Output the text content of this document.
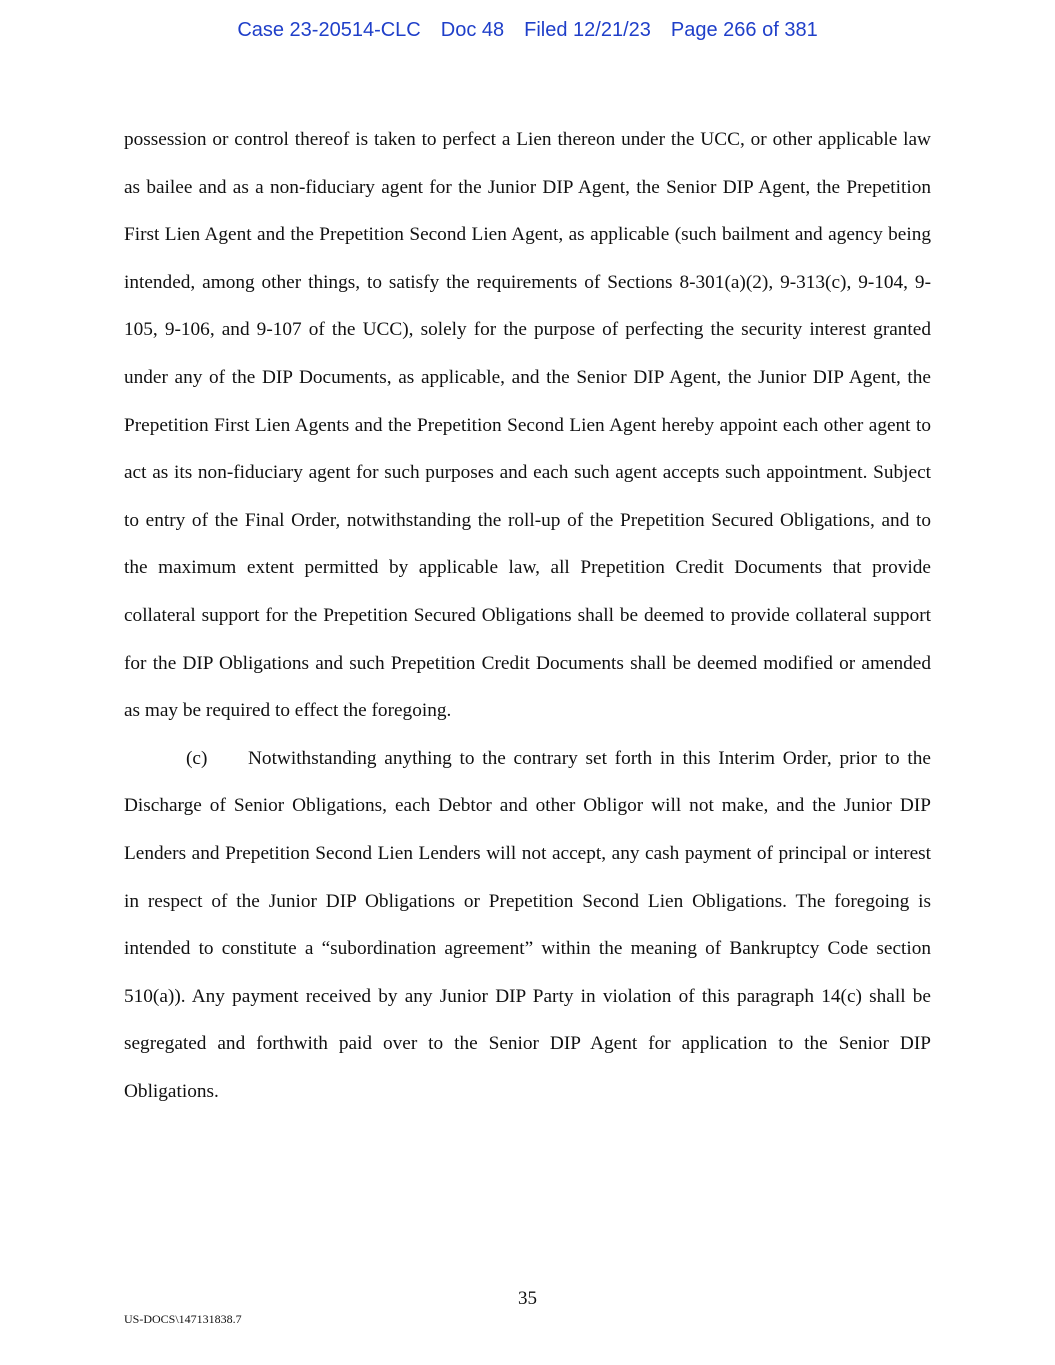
Case 23-20514-CLC Doc 48 Filed 12/21/23 Page 266 of 381

possession or control thereof is taken to perfect a Lien thereon under the UCC, or other applicable law as bailee and as a non-fiduciary agent for the Junior DIP Agent, the Senior DIP Agent, the Prepetition First Lien Agent and the Prepetition Second Lien Agent, as applicable (such bailment and agency being intended, among other things, to satisfy the requirements of Sections 8-301(a)(2), 9-313(c), 9-104, 9-105, 9-106, and 9-107 of the UCC), solely for the purpose of perfecting the security interest granted under any of the DIP Documents, as applicable, and the Senior DIP Agent, the Junior DIP Agent, the Prepetition First Lien Agents and the Prepetition Second Lien Agent hereby appoint each other agent to act as its non-fiduciary agent for such purposes and each such agent accepts such appointment. Subject to entry of the Final Order, notwithstanding the roll-up of the Prepetition Secured Obligations, and to the maximum extent permitted by applicable law, all Prepetition Credit Documents that provide collateral support for the Prepetition Secured Obligations shall be deemed to provide collateral support for the DIP Obligations and such Prepetition Credit Documents shall be deemed modified or amended as may be required to effect the foregoing.

(c) Notwithstanding anything to the contrary set forth in this Interim Order, prior to the Discharge of Senior Obligations, each Debtor and other Obligor will not make, and the Junior DIP Lenders and Prepetition Second Lien Lenders will not accept, any cash payment of principal or interest in respect of the Junior DIP Obligations or Prepetition Second Lien Obligations. The foregoing is intended to constitute a “subordination agreement” within the meaning of Bankruptcy Code section 510(a)). Any payment received by any Junior DIP Party in violation of this paragraph 14(c) shall be segregated and forthwith paid over to the Senior DIP Agent for application to the Senior DIP Obligations.

35
US-DOCS\147131838.7
